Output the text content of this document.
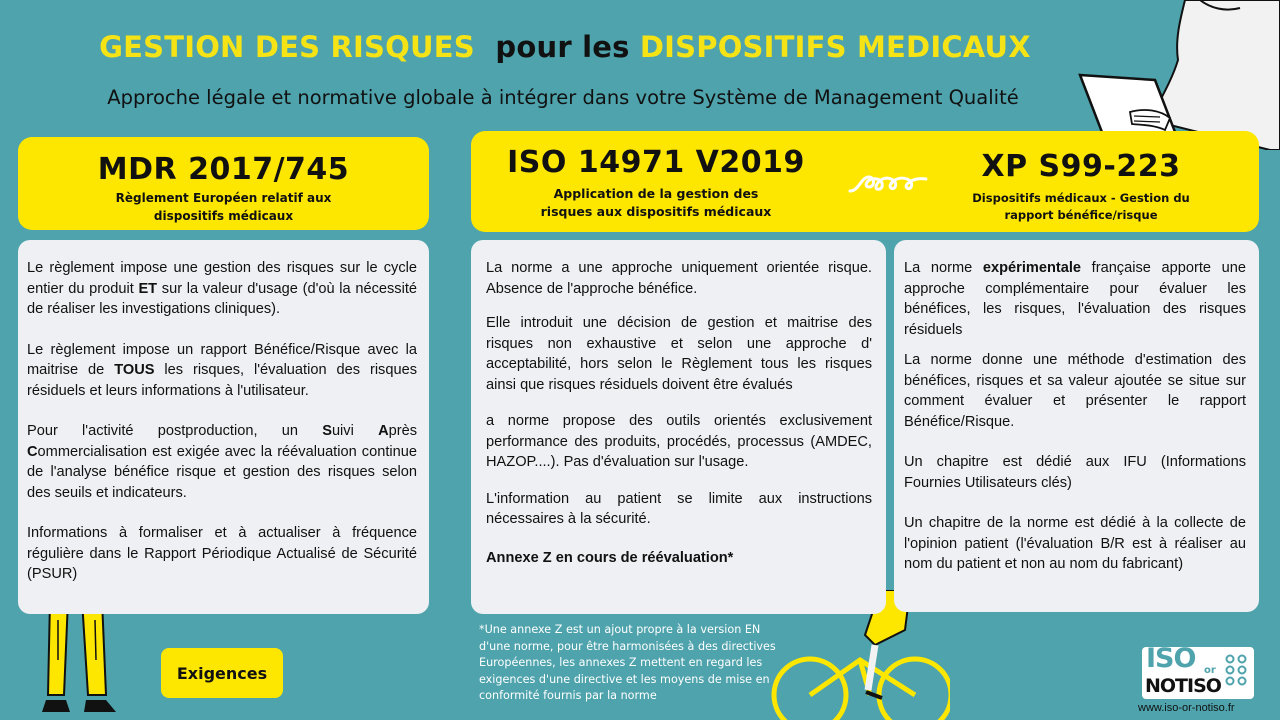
GESTION DES RISQUES pour les DISPOSITIFS MEDICAUX
Approche légale et normative globale à intégrer dans votre Système de Management Qualité
MDR 2017/745
Règlement Européen relatif aux
dispositifs médicaux
ISO 14971 V2019
Application de la gestion des
risques aux dispositifs médicaux
XP S99-223
Dispositifs médicaux - Gestion du
rapport bénéfice/risque

Le règlement impose une gestion des risques sur le cycle entier du produit ET sur la valeur d'usage (d'où la nécessité de réaliser les investigations cliniques).

Le règlement impose un rapport Bénéfice/Risque avec la maitrise de TOUS les risques, l'évaluation des risques résiduels et leurs informations à l'utilisateur.

Pour l'activité postproduction, un Suivi Après Commercialisation est exigée avec la réévaluation continue de l'analyse bénéfice risque et gestion des risques selon des seuils et indicateurs.

Informations à formaliser et à actualiser à fréquence régulière dans le Rapport Périodique Actualisé de Sécurité (PSUR)

La norme a une approche uniquement orientée risque. Absence de l'approche bénéfice.

Elle introduit une décision de gestion et maitrise des risques non exhaustive et selon une approche d' acceptabilité, hors selon le Règlement tous les risques ainsi que risques résiduels doivent être évalués

a norme propose des outils orientés exclusivement performance des produits, procédés, processus (AMDEC, HAZOP....). Pas d'évaluation sur l'usage.

L'information au patient se limite aux instructions nécessaires à la sécurité.

Annexe Z en cours de réévaluation*

La norme expérimentale française apporte une approche complémentaire pour évaluer les bénéfices, les risques, l'évaluation des risques résiduels

La norme donne une méthode d'estimation des bénéfices, risques et sa valeur ajoutée se situe sur comment évaluer et présenter le rapport Bénéfice/Risque.

Un chapitre est dédié aux IFU (Informations Fournies Utilisateurs clés)

Un chapitre de la norme est dédié à la collecte de l'opinion patient (l'évaluation B/R est à réaliser au nom du patient et non au nom du fabricant)

*Une annexe Z est un ajout propre à la version EN d'une norme, pour être harmonisées à des directives Européennes, les annexes Z mettent en regard les exigences d'une directive et les moyens de mise en conformité fournis par la norme
Exigences	ISO or
NOTISO
www.iso-or-notiso.fr
